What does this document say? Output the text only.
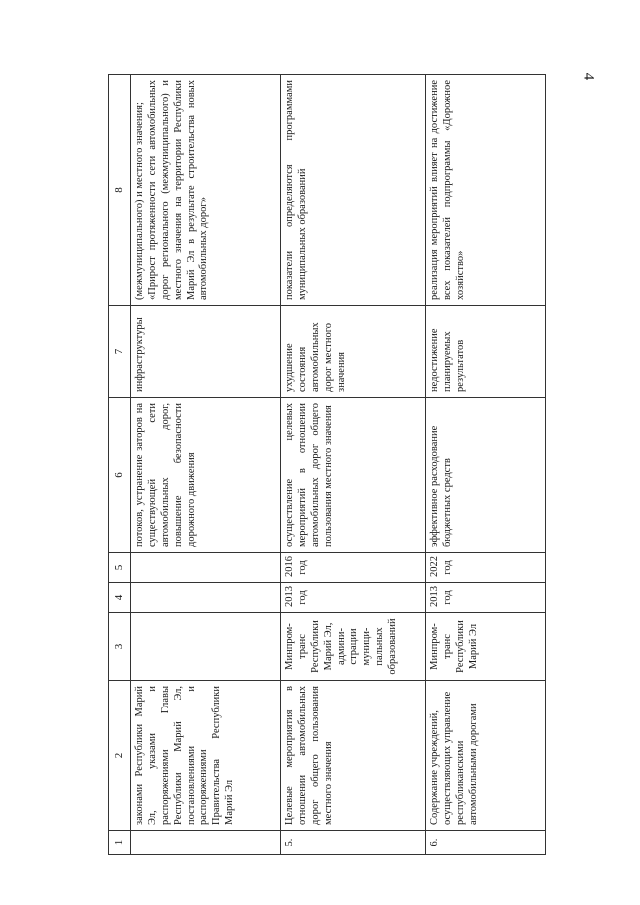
4
1	2	3	4	5	6	7	8
	законами Республики Марий Эл, указами и распоряжениями Главы Республики Марий Эл, постановлениями и распоряжениями Правительства Республики Марий Эл				потоков, устранение заторов на существующей сети автомобильных дорог, повышение безопасности дорожного движения	инфраструктуры	(межмуниципального) и местного значения;
«Прирост протяженности сети автомобильных дорог регионального (межмуниципального) и местного значения на территории Республики Марий Эл в результате строительства новых автомобильных дорог»
5.	Целевые мероприятия в отношении автомобильных дорог общего пользования местного значения	Минпром-
транс Республики Марий Эл, админи-
страции муници-
пальных образований	2013 год	2016 год	осуществление целевых мероприятий в отношении автомобильных дорог общего пользования местного значения	ухудшение состояния автомобильных дорог местного значения	показатели определяются программами муниципальных образований
6.	Содержание учреждений, осуществляющих управление республиканскими автомобильными дорогами	Минпром-
транс Республики Марий Эл	2013 год	2022 год	эффективное расходование бюджетных средств	недостижение планируемых результатов	реализация мероприятий влияет на достижение всех показателей подпрограммы «Дорожное хозяйство»
